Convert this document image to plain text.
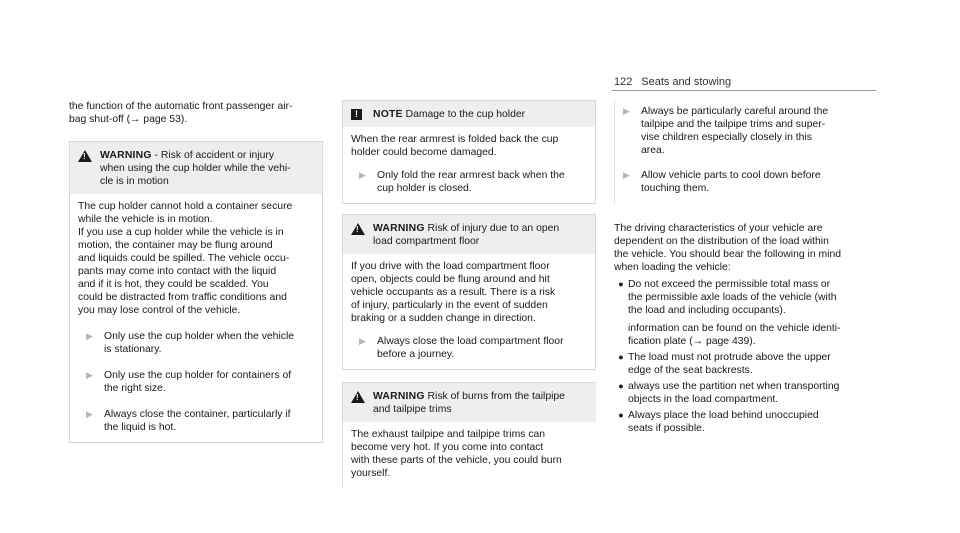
122 Seats and stowing

the function of the automatic front passenger air-

bag shut-off (→ page 53).

!

WARNING - Risk of accident or injury

when using the cup holder while the vehi-

cle is in motion

The cup holder cannot hold a container secure

while the vehicle is in motion.

If you use a cup holder while the vehicle is in

motion, the container may be flung around

and liquids could be spilled. The vehicle occu-

pants may come into contact with the liquid

and if it is hot, they could be scalded. You

could be distracted from traffic conditions and

you may lose control of the vehicle.

▶	Only use the cup holder when the vehicle

is stationary.

▶	Only use the cup holder for containers of

the right size.

▶	Always close the container, particularly if

the liquid is hot.

!	NOTE Damage to the cup holder

When the rear armrest is folded back the cup

holder could become damaged.

▶	Only fold the rear armrest back when the

cup holder is closed.

!

WARNING Risk of injury due to an open

load compartment floor

If you drive with the load compartment floor

open, objects could be flung around and hit

vehicle occupants as a result. There is a risk

of injury, particularly in the event of sudden

braking or a sudden change in direction.

▶	Always close the load compartment floor

before a journey.

!

WARNING Risk of burns from the tailpipe

and tailpipe trims

The exhaust tailpipe and tailpipe trims can

become very hot. If you come into contact

with these parts of the vehicle, you could burn

yourself.

▶	Always be particularly careful around the

tailpipe and the tailpipe trims and super-

vise children especially closely in this

area.

▶	Allow vehicle parts to cool down before

touching them.

The driving characteristics of your vehicle are

dependent on the distribution of the load within

the vehicle. You should bear the following in mind

when loading the vehicle:

● Do not exceed the permissible total mass or

the permissible axle loads of the vehicle (with

the load and including occupants).

information can be found on the vehicle identi-

fication plate (→ page 439).

● The load must not protrude above the upper

edge of the seat backrests.

● always use the partition net when transporting

objects in the load compartment.

● Always place the load behind unoccupied

seats if possible.
